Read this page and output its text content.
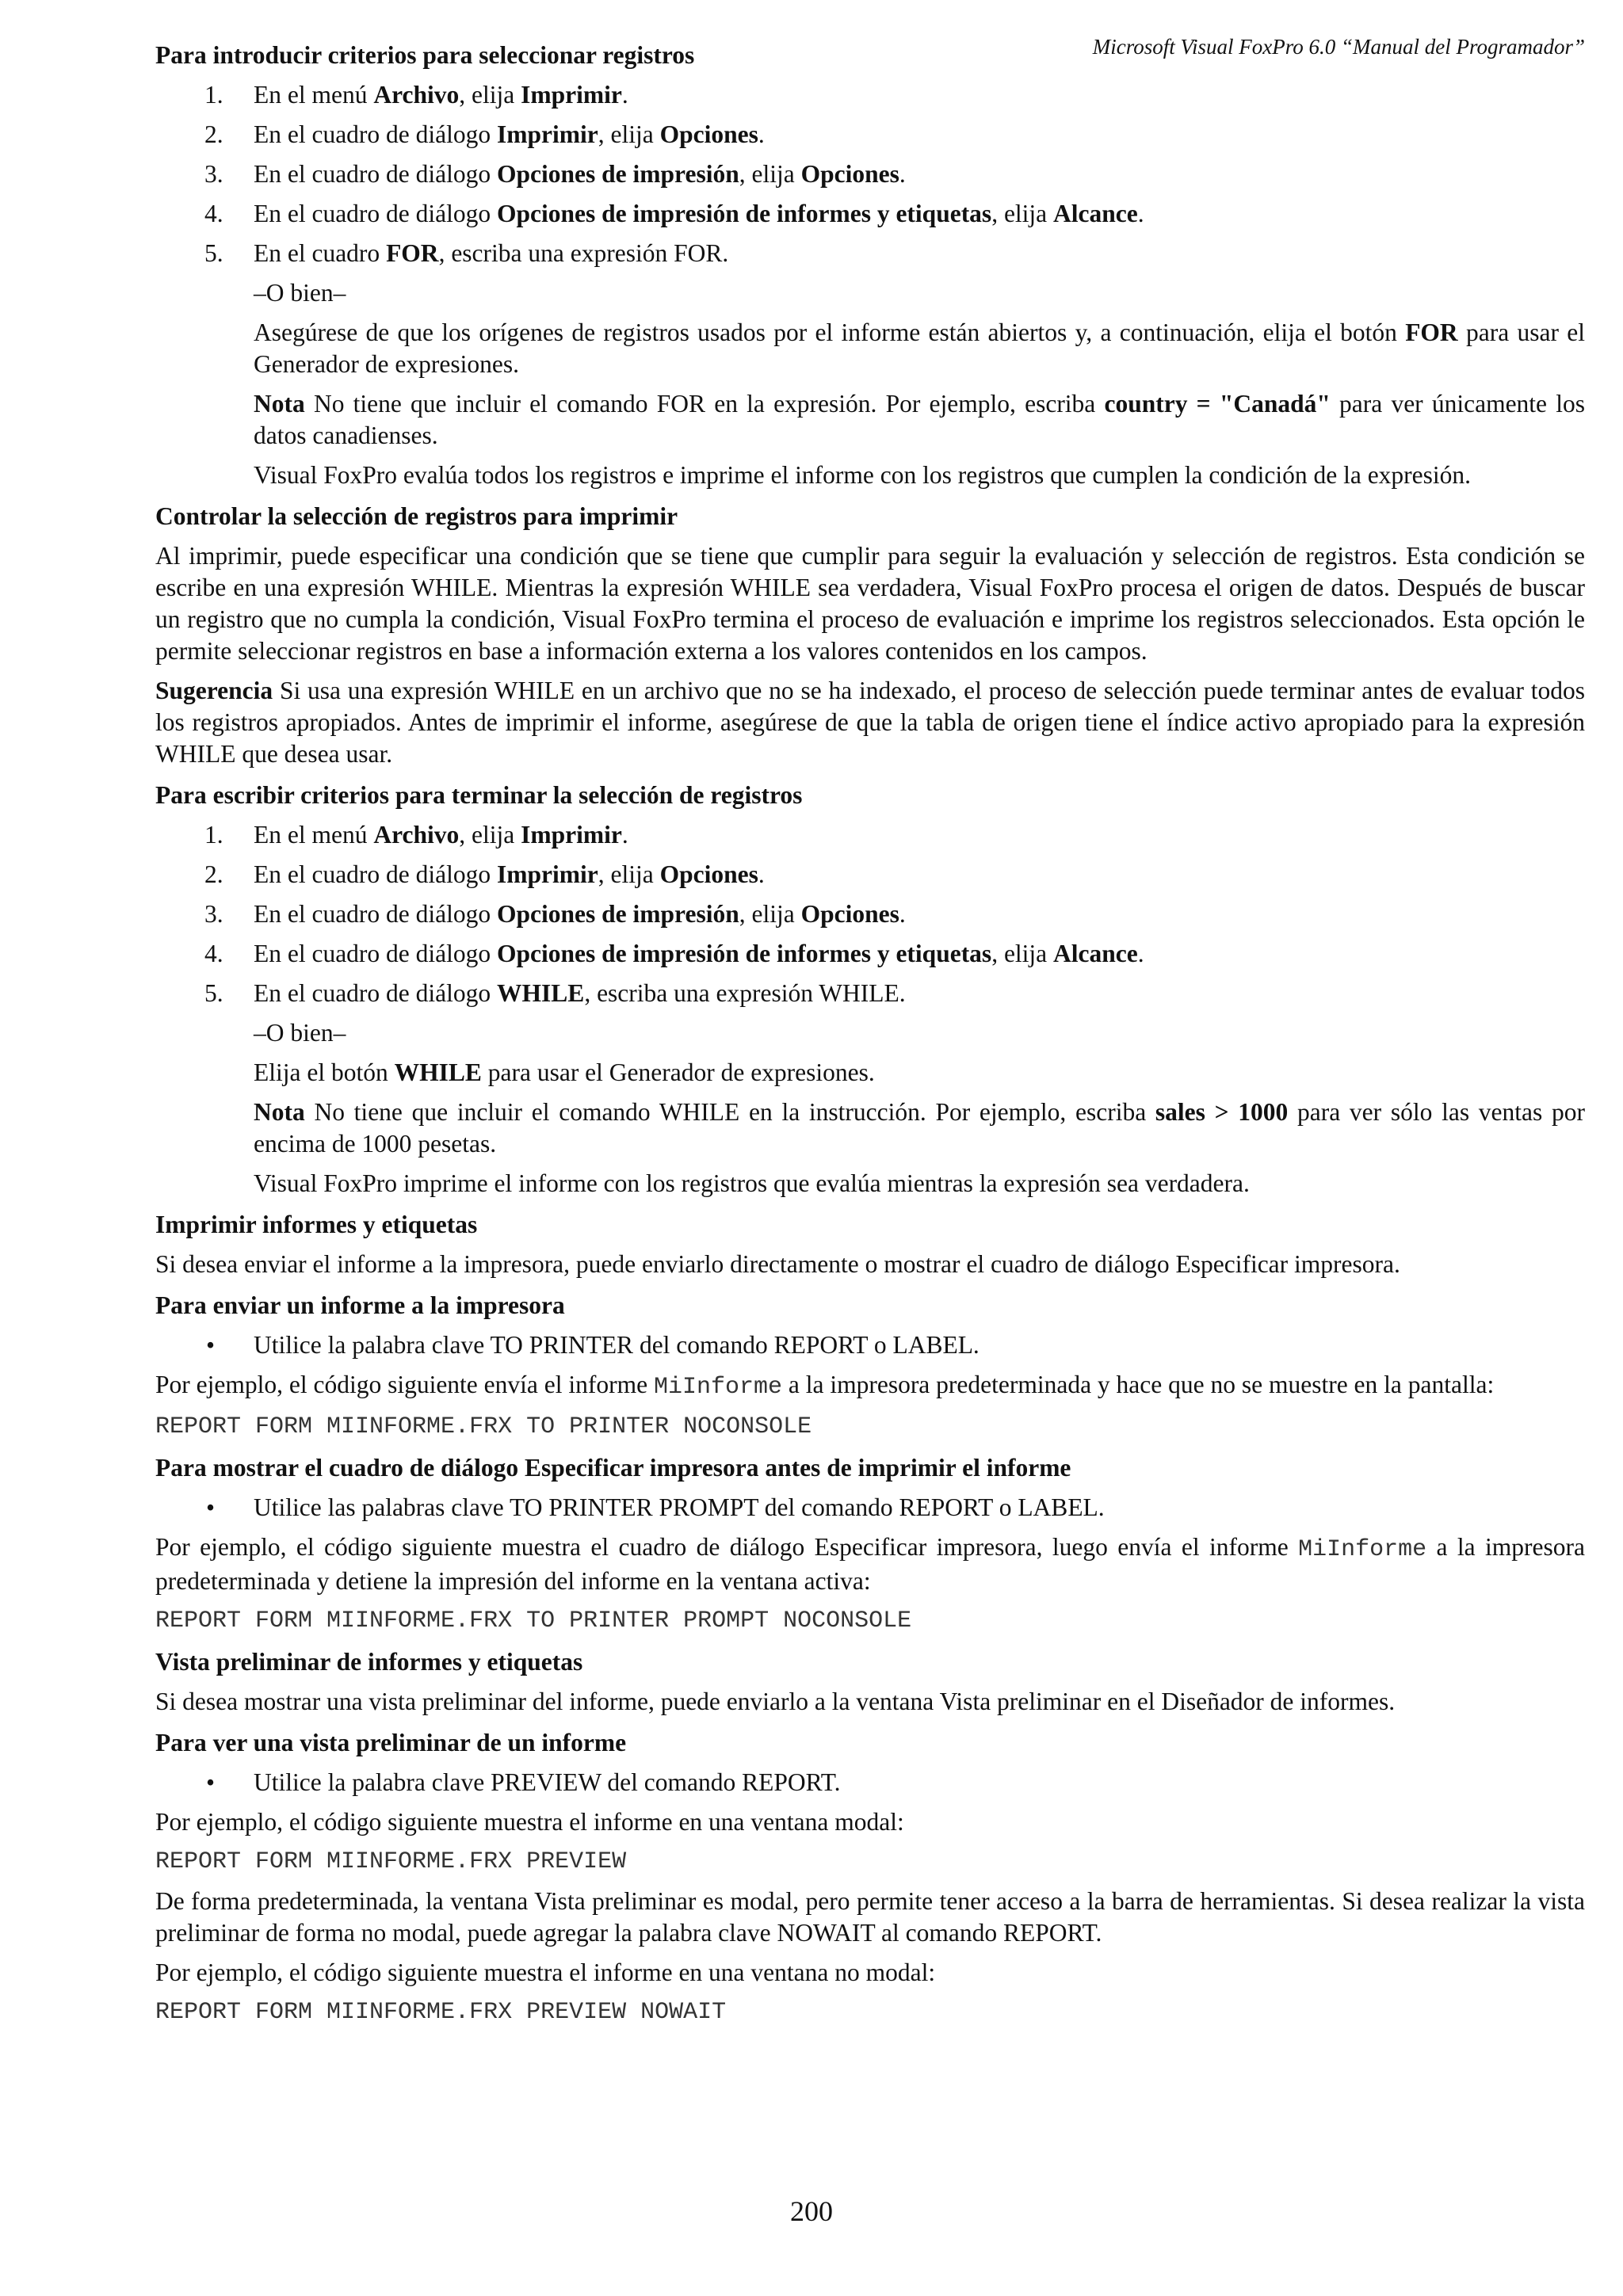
Microsoft Visual FoxPro 6.0 “Manual del Programador”
Para introducir criterios para seleccionar registros
1. En el menú Archivo, elija Imprimir.
2. En el cuadro de diálogo Imprimir, elija Opciones.
3. En el cuadro de diálogo Opciones de impresión, elija Opciones.
4. En el cuadro de diálogo Opciones de impresión de informes y etiquetas, elija Alcance.
5. En el cuadro FOR, escriba una expresión FOR.
–O bien–
Asegúrese de que los orígenes de registros usados por el informe están abiertos y, a continuación, elija el botón FOR para usar el Generador de expresiones.
Nota No tiene que incluir el comando FOR en la expresión. Por ejemplo, escriba country = "Canadá" para ver únicamente los datos canadienses.
Visual FoxPro evalúa todos los registros e imprime el informe con los registros que cumplen la condición de la expresión.
Controlar la selección de registros para imprimir
Al imprimir, puede especificar una condición que se tiene que cumplir para seguir la evaluación y selección de registros. Esta condición se escribe en una expresión WHILE. Mientras la expresión WHILE sea verdadera, Visual FoxPro procesa el origen de datos. Después de buscar un registro que no cumpla la condición, Visual FoxPro termina el proceso de evaluación e imprime los registros seleccionados. Esta opción le permite seleccionar registros en base a información externa a los valores contenidos en los campos.
Sugerencia Si usa una expresión WHILE en un archivo que no se ha indexado, el proceso de selección puede terminar antes de evaluar todos los registros apropiados. Antes de imprimir el informe, asegúrese de que la tabla de origen tiene el índice activo apropiado para la expresión WHILE que desea usar.
Para escribir criterios para terminar la selección de registros
1. En el menú Archivo, elija Imprimir.
2. En el cuadro de diálogo Imprimir, elija Opciones.
3. En el cuadro de diálogo Opciones de impresión, elija Opciones.
4. En el cuadro de diálogo Opciones de impresión de informes y etiquetas, elija Alcance.
5. En el cuadro de diálogo WHILE, escriba una expresión WHILE.
–O bien–
Elija el botón WHILE para usar el Generador de expresiones.
Nota No tiene que incluir el comando WHILE en la instrucción. Por ejemplo, escriba sales > 1000 para ver sólo las ventas por encima de 1000 pesetas.
Visual FoxPro imprime el informe con los registros que evalúa mientras la expresión sea verdadera.
Imprimir informes y etiquetas
Si desea enviar el informe a la impresora, puede enviarlo directamente o mostrar el cuadro de diálogo Especificar impresora.
Para enviar un informe a la impresora
• Utilice la palabra clave TO PRINTER del comando REPORT o LABEL.
Por ejemplo, el código siguiente envía el informe MiInforme a la impresora predeterminada y hace que no se muestre en la pantalla:
REPORT FORM MIINFORME.FRX TO PRINTER NOCONSOLE
Para mostrar el cuadro de diálogo Especificar impresora antes de imprimir el informe
• Utilice las palabras clave TO PRINTER PROMPT del comando REPORT o LABEL.
Por ejemplo, el código siguiente muestra el cuadro de diálogo Especificar impresora, luego envía el informe MiInforme a la impresora predeterminada y detiene la impresión del informe en la ventana activa:
REPORT FORM MIINFORME.FRX TO PRINTER PROMPT NOCONSOLE
Vista preliminar de informes y etiquetas
Si desea mostrar una vista preliminar del informe, puede enviarlo a la ventana Vista preliminar en el Diseñador de informes.
Para ver una vista preliminar de un informe
• Utilice la palabra clave PREVIEW del comando REPORT.
Por ejemplo, el código siguiente muestra el informe en una ventana modal:
REPORT FORM MIINFORME.FRX PREVIEW
De forma predeterminada, la ventana Vista preliminar es modal, pero permite tener acceso a la barra de herramientas. Si desea realizar la vista preliminar de forma no modal, puede agregar la palabra clave NOWAIT al comando REPORT.
Por ejemplo, el código siguiente muestra el informe en una ventana no modal:
REPORT FORM MIINFORME.FRX PREVIEW NOWAIT
200
